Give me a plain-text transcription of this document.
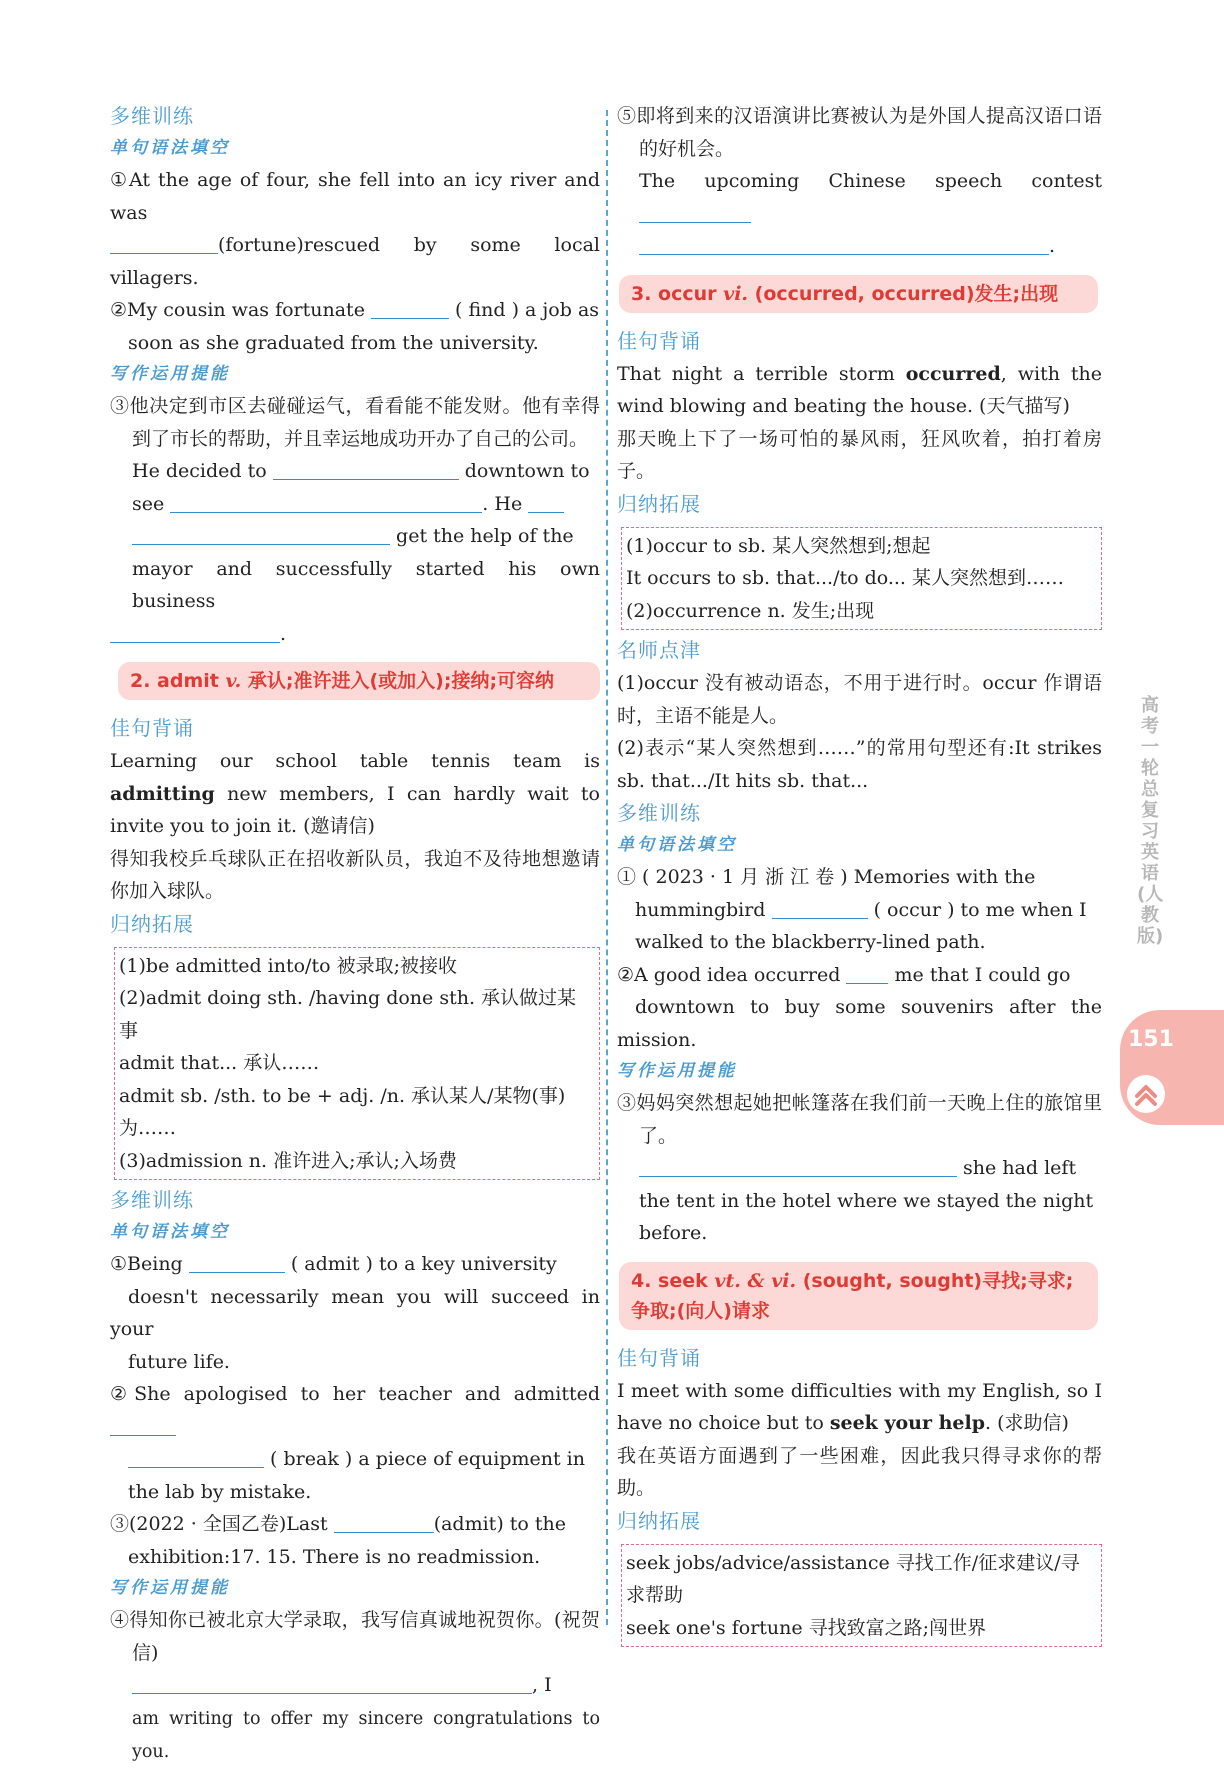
多维训练
单句语法填空
①At the age of four, she fell into an icy river and was
(fortune)rescued by some local villagers.
②My cousin was fortunate	( find ) a job as
soon as she graduated from the university.
写作运用提能
③他决定到市区去碰碰运气，看看能不能发财。他有幸得到了市长的帮助，并且幸运地成功开办了自己的公司。
He decided to	downtown to
see	. He
get the help of the
mayor and successfully started his own business
.
2. admit v. 承认;准许进入(或加入);接纳;可容纳
佳句背诵
Learning our school table tennis team is admitting new members, I can hardly wait to invite you to join it. (邀请信)
得知我校乒乓球队正在招收新队员，我迫不及待地想邀请你加入球队。
归纳拓展
(1)be admitted into/to 被录取;被接收
(2)admit doing sth. /having done sth. 承认做过某事
admit that... 承认……
admit sb. /sth. to be + adj. /n. 承认某人/某物(事)为……
(3)admission n. 准许进入;承认;入场费
多维训练
单句语法填空
①Being	( admit ) to a key university
doesn't necessarily mean you will succeed in your
future life.
②She apologised to her teacher and admitted
( break ) a piece of equipment in
the lab by mistake.
③(2022 · 全国乙卷)Last	(admit) to the
exhibition:17. 15. There is no readmission.
写作运用提能
④得知你已被北京大学录取，我写信真诚地祝贺你。(祝贺信)
, I
am writing to offer my sincere congratulations to you.
⑤即将到来的汉语演讲比赛被认为是外国人提高汉语口语的好机会。
The upcoming Chinese speech contest
.
3. occur vi. (occurred, occurred)发生;出现
佳句背诵
That night a terrible storm occurred, with the wind blowing and beating the house. (天气描写)
那天晚上下了一场可怕的暴风雨，狂风吹着，拍打着房子。
归纳拓展
(1)occur to sb. 某人突然想到;想起
It occurs to sb. that.../to do... 某人突然想到……
(2)occurrence n. 发生;出现
名师点津
(1)occur 没有被动语态，不用于进行时。occur 作谓语时，主语不能是人。
(2)表示“某人突然想到……”的常用句型还有:It strikes sb. that.../It hits sb. that...
多维训练
单句语法填空
① ( 2023 · 1 月 浙 江 卷 ) Memories with the
hummingbird	( occur ) to me when I
walked to the blackberry-lined path.
②A good idea occurred	me that I could go
downtown to buy some souvenirs after the mission.
写作运用提能
③妈妈突然想起她把帐篷落在我们前一天晚上住的旅馆里了。
she had left
the tent in the hotel where we stayed the night
before.
4. seek vt. & vi. (sought, sought)寻找;寻求;争取;(向人)请求
佳句背诵
I meet with some difficulties with my English, so I have no choice but to seek your help. (求助信)
我在英语方面遇到了一些困难，因此我只得寻求你的帮助。
归纳拓展
seek jobs/advice/assistance 寻找工作/征求建议/寻求帮助
seek one's fortune 寻找致富之路;闯世界
高考一轮总复习 英语 (人教版)
151
